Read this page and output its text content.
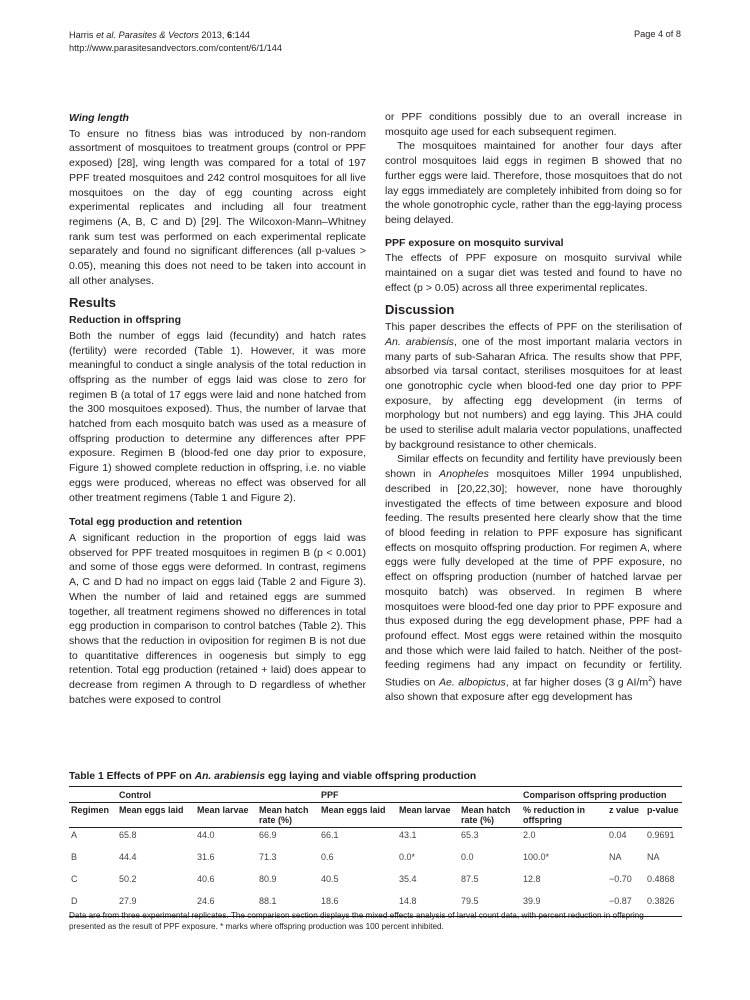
Harris et al. Parasites & Vectors 2013, 6:144
http://www.parasitesandvectors.com/content/6/1/144
Page 4 of 8
Wing length

To ensure no fitness bias was introduced by non-random assortment of mosquitoes to treatment groups (control or PPF exposed) [28], wing length was compared for a total of 197 PPF treated mosquitoes and 242 control mosquitoes for all live mosquitoes on the day of egg counting across eight experimental replicates and including all four treatment regimens (A, B, C and D) [29]. The Wilcoxon-Mann–Whitney rank sum test was performed on each experimental replicate separately and found no significant differences (all p-values > 0.05), meaning this does not need to be taken into account in all other analyses.

Results
Reduction in offspring

Both the number of eggs laid (fecundity) and hatch rates (fertility) were recorded (Table 1). However, it was more meaningful to conduct a single analysis of the total reduction in offspring as the number of eggs laid was close to zero for regimen B (a total of 17 eggs were laid and none hatched from the 300 mosquitoes exposed). Thus, the number of larvae that hatched from each mosquito batch was used as a measure of offspring production to determine any differences after PPF exposure. Regimen B (blood-fed one day prior to exposure, Figure 1) showed complete reduction in offspring, i.e. no viable eggs were produced, whereas no effect was observed for all other treatment regimens (Table 1 and Figure 2).

Total egg production and retention

A significant reduction in the proportion of eggs laid was observed for PPF treated mosquitoes in regimen B (p < 0.001) and some of those eggs were deformed. In contrast, regimens A, C and D had no impact on eggs laid (Table 2 and Figure 3). When the number of laid and retained eggs are summed together, all treatment regimens showed no differences in total egg production in comparison to control batches (Table 2). This shows that the reduction in oviposition for regimen B is not due to quantitative differences in oogenesis but simply to egg retention. Total egg production (retained + laid) does appear to decrease from regimen A through to D regardless of whether batches were exposed to control

or PPF conditions possibly due to an overall increase in mosquito age used for each subsequent regimen.

The mosquitoes maintained for another four days after control mosquitoes laid eggs in regimen B showed that no further eggs were laid. Therefore, those mosquitoes that do not lay eggs immediately are completely inhibited from doing so for the whole gonotrophic cycle, rather than the egg-laying process being delayed.

PPF exposure on mosquito survival

The effects of PPF exposure on mosquito survival while maintained on a sugar diet was tested and found to have no effect (p > 0.05) across all three experimental replicates.

Discussion

This paper describes the effects of PPF on the sterilisation of An. arabiensis, one of the most important malaria vectors in many parts of sub-Saharan Africa. The results show that PPF, absorbed via tarsal contact, sterilises mosquitoes for at least one gonotrophic cycle when blood-fed one day prior to PPF exposure, by affecting egg development (in terms of morphology but not numbers) and egg laying. This JHA could be used to sterilise adult malaria vector populations, unaffected by background resistance to other chemicals.

Similar effects on fecundity and fertility have previously been shown in Anopheles mosquitoes Miller 1994 unpublished, described in [20,22,30]; however, none have thoroughly investigated the effects of time between exposure and blood feeding. The results presented here clearly show that the time of blood feeding in relation to PPF exposure has significant effects on mosquito offspring production. For regimen A, where eggs were fully developed at the time of PPF exposure, no effect on offspring production (number of hatched larvae per mosquito batch) was observed. In regimen B where mosquitoes were blood-fed one day prior to PPF exposure and thus exposed during the egg development phase, PPF had a profound effect. Most eggs were retained within the mosquito and those which were laid failed to hatch. Neither of the post-feeding regimens had any impact on fecundity or fertility. Studies on Ae. albopictus, at far higher doses (3 g $AI/m^2$) have also shown that exposure after egg development has

Table 1 Effects of PPF on An. arabiensis egg laying and viable offspring production
	Control			PPF			Comparison offspring production		
Regimen	Mean eggs laid	Mean larvae	Mean hatch rate (%)	Mean eggs laid	Mean larvae	Mean hatch rate (%)	% reduction in offspring	z value	p-value
A	65.8	44.0	66.9	66.1	43.1	65.3	2.0	0.04	0.9691
B	44.4	31.6	71.3	0.6	0.0*	0.0	100.0*	NA	NA
C	50.2	40.6	80.9	40.5	35.4	87.5	12.8	−0.70	0.4868
D	27.9	24.6	88.1	18.6	14.8	79.5	39.9	−0.87	0.3826
Data are from three experimental replicates. The comparison section displays the mixed effects analysis of larval count data, with percent reduction in offspring presented as the result of PPF exposure. * marks where offspring production was 100 percent inhibited.
